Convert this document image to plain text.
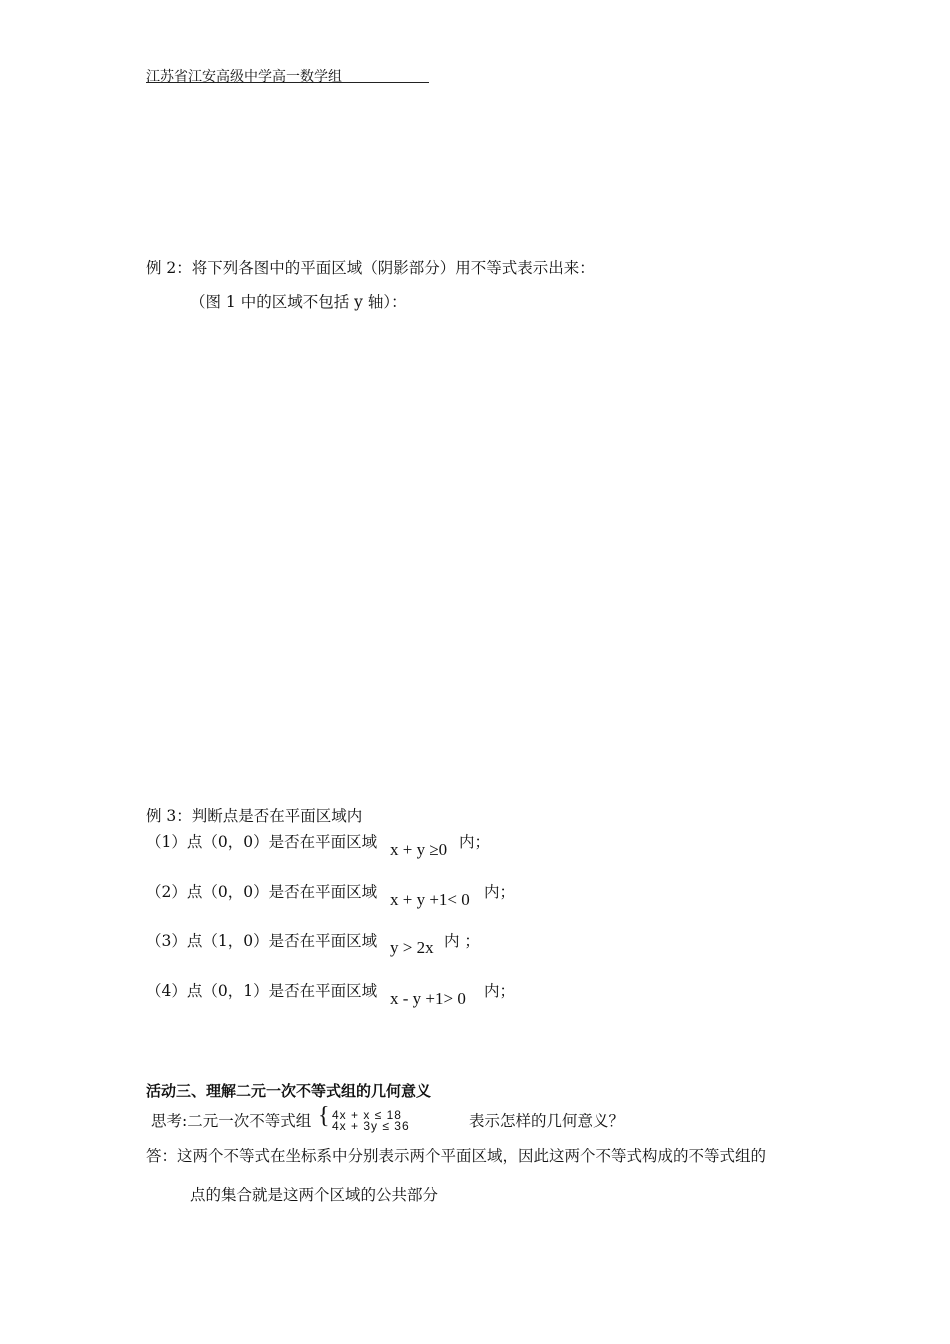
江苏省江安高级中学高一数学组
例 2：将下列各图中的平面区域（阴影部分）用不等式表示出来：
（图 1 中的区域不包括 y 轴）：
例 3：判断点是否在平面区域内
（1）点（0，0）是否在平面区域 x + y ≥0 内；
（2）点（0，0）是否在平面区域 x + y +1< 0 内；
（3）点（1，0）是否在平面区域 y > 2x 内 ；
（4）点（0，1）是否在平面区域 x - y +1> 0 内；
活动三、理解二元一次不等式组的几何意义
思考:二元一次不等式组 { 4x + x ≤ 18
4x + 3y ≤ 36	表示怎样的几何意义？
答：这两个不等式在坐标系中分别表示两个平面区域，因此这两个不等式构成的不等式组的
点的集合就是这两个区域的公共部分
